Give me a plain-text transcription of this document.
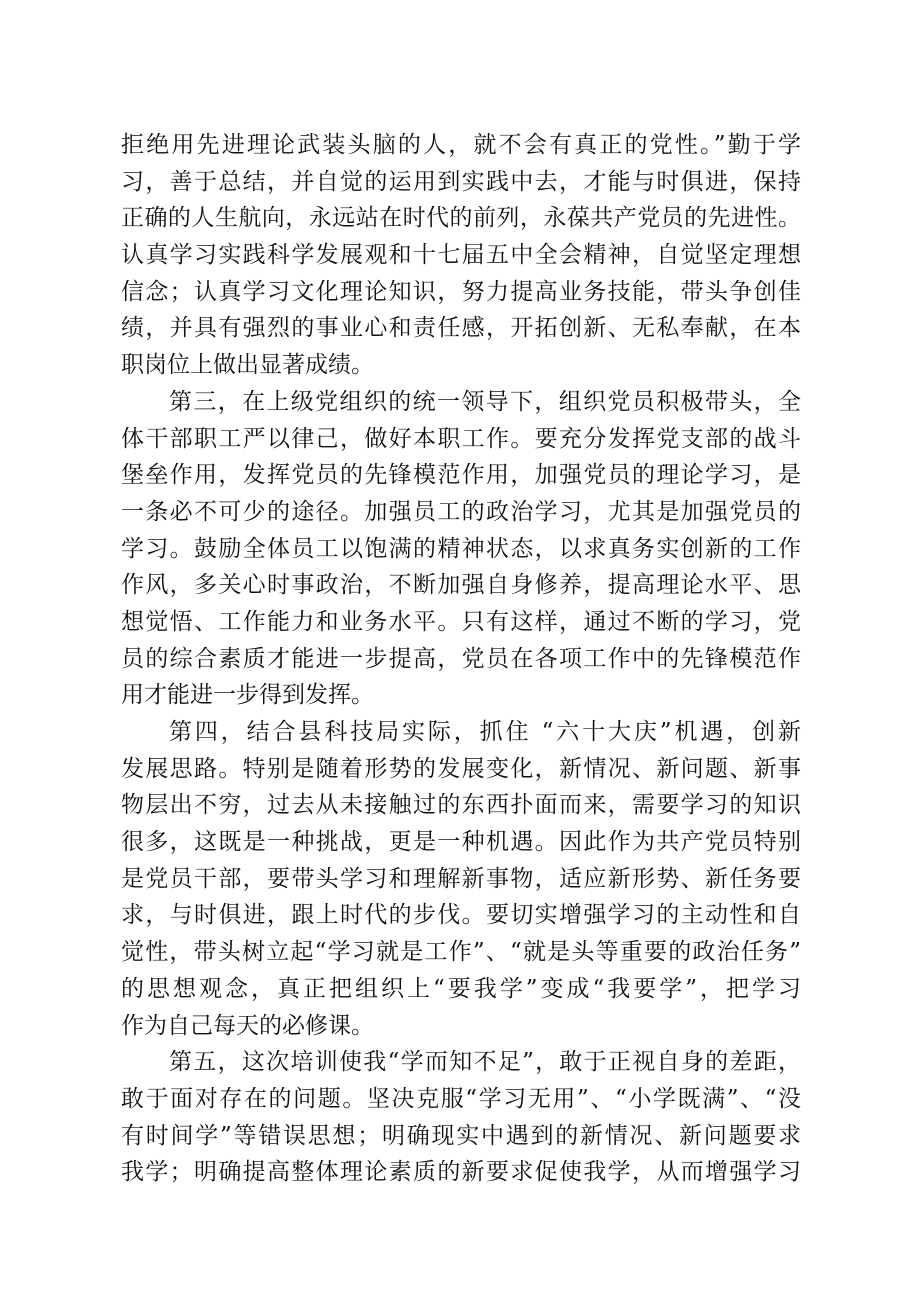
拒绝用先进理论武装头脑的人，就不会有真正的党性。”勤于学
习，善于总结，并自觉的运用到实践中去，才能与时俱进，保持
正确的人生航向，永远站在时代的前列，永葆共产党员的先进性。
认真学习实践科学发展观和十七届五中全会精神，自觉坚定理想
信念；认真学习文化理论知识，努力提高业务技能，带头争创佳
绩，并具有强烈的事业心和责任感，开拓创新、无私奉献，在本
职岗位上做出显著成绩。
第三，在上级党组织的统一领导下，组织党员积极带头，全
体干部职工严以律己，做好本职工作。要充分发挥党支部的战斗
堡垒作用，发挥党员的先锋模范作用，加强党员的理论学习，是
一条必不可少的途径。加强员工的政治学习，尤其是加强党员的
学习。鼓励全体员工以饱满的精神状态，以求真务实创新的工作
作风，多关心时事政治，不断加强自身修养，提高理论水平、思
想觉悟、工作能力和业务水平。只有这样，通过不断的学习，党
员的综合素质才能进一步提高，党员在各项工作中的先锋模范作
用才能进一步得到发挥。
第四，结合县科技局实际，抓住 “六十大庆”机遇，创新
发展思路。特别是随着形势的发展变化，新情况、新问题、新事
物层出不穷，过去从未接触过的东西扑面而来，需要学习的知识
很多，这既是一种挑战，更是一种机遇。因此作为共产党员特别
是党员干部，要带头学习和理解新事物，适应新形势、新任务要
求，与时俱进，跟上时代的步伐。要切实增强学习的主动性和自
觉性，带头树立起“学习就是工作”、“就是头等重要的政治任务”
的思想观念，真正把组织上“要我学”变成“我要学”，把学习
作为自己每天的必修课。
第五，这次培训使我“学而知不足”，敢于正视自身的差距，
敢于面对存在的问题。坚决克服“学习无用”、“小学既满”、“没
有时间学”等错误思想；明确现实中遇到的新情况、新问题要求
我学；明确提高整体理论素质的新要求促使我学，从而增强学习
